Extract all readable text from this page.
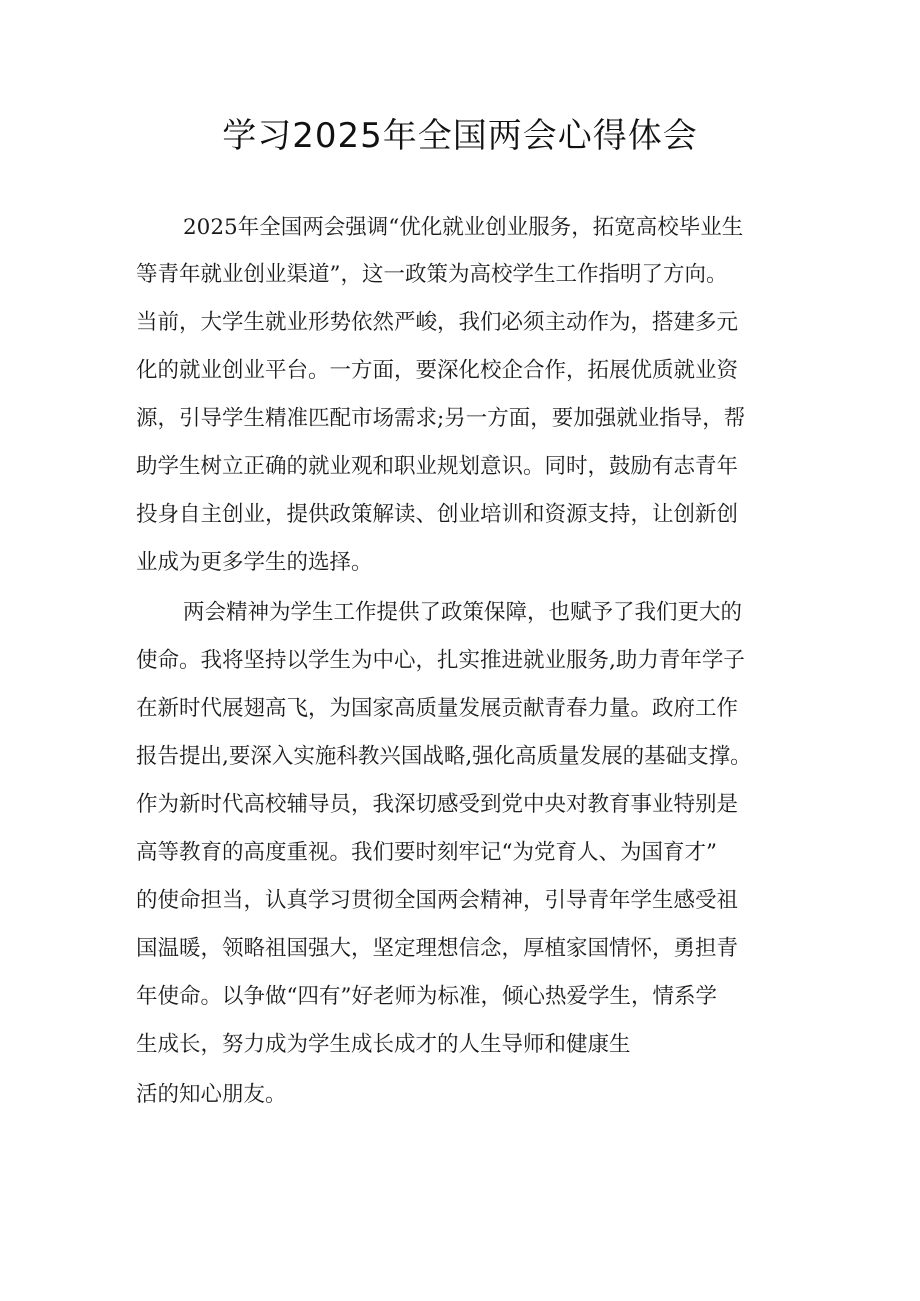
学习2025年全国两会心得体会
2025年全国两会强调“优化就业创业服务，拓宽高校毕业生
等青年就业创业渠道”，这一政策为高校学生工作指明了方向。
当前，大学生就业形势依然严峻，我们必须主动作为，搭建多元
化的就业创业平台。一方面，要深化校企合作，拓展优质就业资
源，引导学生精准匹配市场需求;另一方面，要加强就业指导，帮
助学生树立正确的就业观和职业规划意识。同时，鼓励有志青年
投身自主创业，提供政策解读、创业培训和资源支持，让创新创
业成为更多学生的选择。
两会精神为学生工作提供了政策保障，也赋予了我们更大的
使命。我将坚持以学生为中心，扎实推进就业服务,助力青年学子
在新时代展翅高飞，为国家高质量发展贡献青春力量。政府工作
报告提出,要深入实施科教兴国战略,强化高质量发展的基础支撑。
作为新时代高校辅导员，我深切感受到党中央对教育事业特别是
高等教育的高度重视。我们要时刻牢记“为党育人、为国育才”
的使命担当，认真学习贯彻全国两会精神，引导青年学生感受祖
国温暖，领略祖国强大，坚定理想信念，厚植家国情怀，勇担青
年使命。以争做“四有”好老师为标准，倾心热爱学生，情系学
生成长，努力成为学生成长成才的人生导师和健康生
活的知心朋友。
